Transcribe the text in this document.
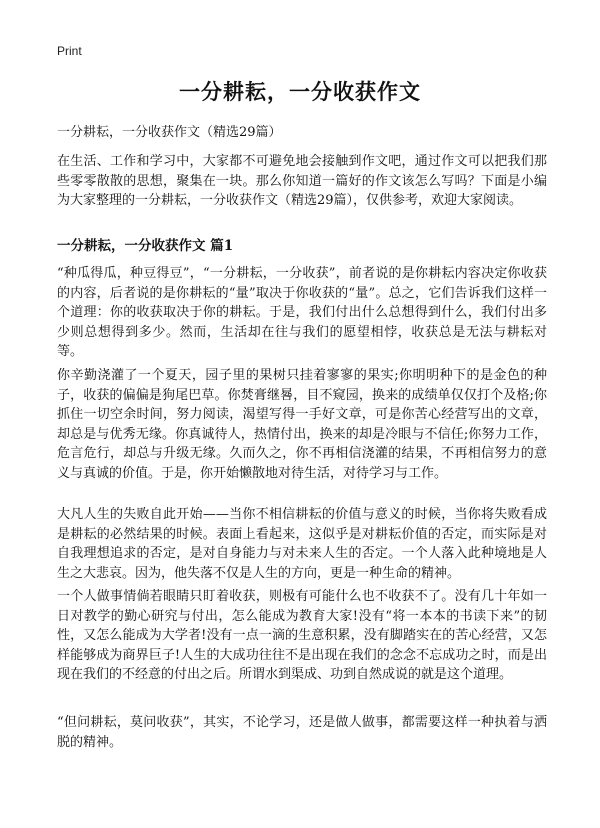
Print
一分耕耘，一分收获作文

一分耕耘，一分收获作文（精选29篇）

在生活、工作和学习中，大家都不可避免地会接触到作文吧，通过作文可以把我们那些零零散散的思想，聚集在一块。那么你知道一篇好的作文该怎么写吗？下面是小编为大家整理的一分耕耘，一分收获作文（精选29篇），仅供参考，欢迎大家阅读。

一分耕耘，一分收获作文 篇1

“种瓜得瓜，种豆得豆”，“一分耕耘，一分收获”，前者说的是你耕耘内容决定你收获的内容，后者说的是你耕耘的“量”取决于你收获的“量”。总之，它们告诉我们这样一个道理：你的收获取决于你的耕耘。于是，我们付出什么总想得到什么，我们付出多少则总想得到多少。然而，生活却在往与我们的愿望相悖，收获总是无法与耕耘对等。

你辛勤浇灌了一个夏天，园子里的果树只挂着寥寥的果实;你明明种下的是金色的种子，收获的偏偏是狗尾巴草。你焚膏继晷，目不窥园，换来的成绩单仅仅打个及格;你抓住一切空余时间，努力阅读，渴望写得一手好文章，可是你苦心经营写出的文章，却总是与优秀无缘。你真诚待人，热情付出，换来的却是冷眼与不信任;你努力工作，危言危行，却总与升级无缘。久而久之，你不再相信浇灌的结果，不再相信努力的意义与真诚的价值。于是，你开始懒散地对待生活，对待学习与工作。

大凡人生的失败自此开始——当你不相信耕耘的价值与意义的时候，当你将失败看成是耕耘的必然结果的时候。表面上看起来，这似乎是对耕耘价值的否定，而实际是对自我理想追求的否定，是对自身能力与对未来人生的否定。一个人落入此种境地是人生之大悲哀。因为，他失落不仅是人生的方向，更是一种生命的精神。

一个人做事情倘若眼睛只盯着收获，则极有可能什么也不收获不了。没有几十年如一日对教学的勤心研究与付出，怎么能成为教育大家!没有“将一本本的书读下来”的韧性，又怎么能成为大学者!没有一点一滴的生意积累，没有脚踏实在的苦心经营，又怎样能够成为商界巨子!人生的大成功往往不是出现在我们的念念不忘成功之时，而是出现在我们的不经意的付出之后。所谓水到渠成、功到自然成说的就是这个道理。

“但问耕耘，莫问收获”，其实，不论学习，还是做人做事，都需要这样一种执着与洒脱的精神。
